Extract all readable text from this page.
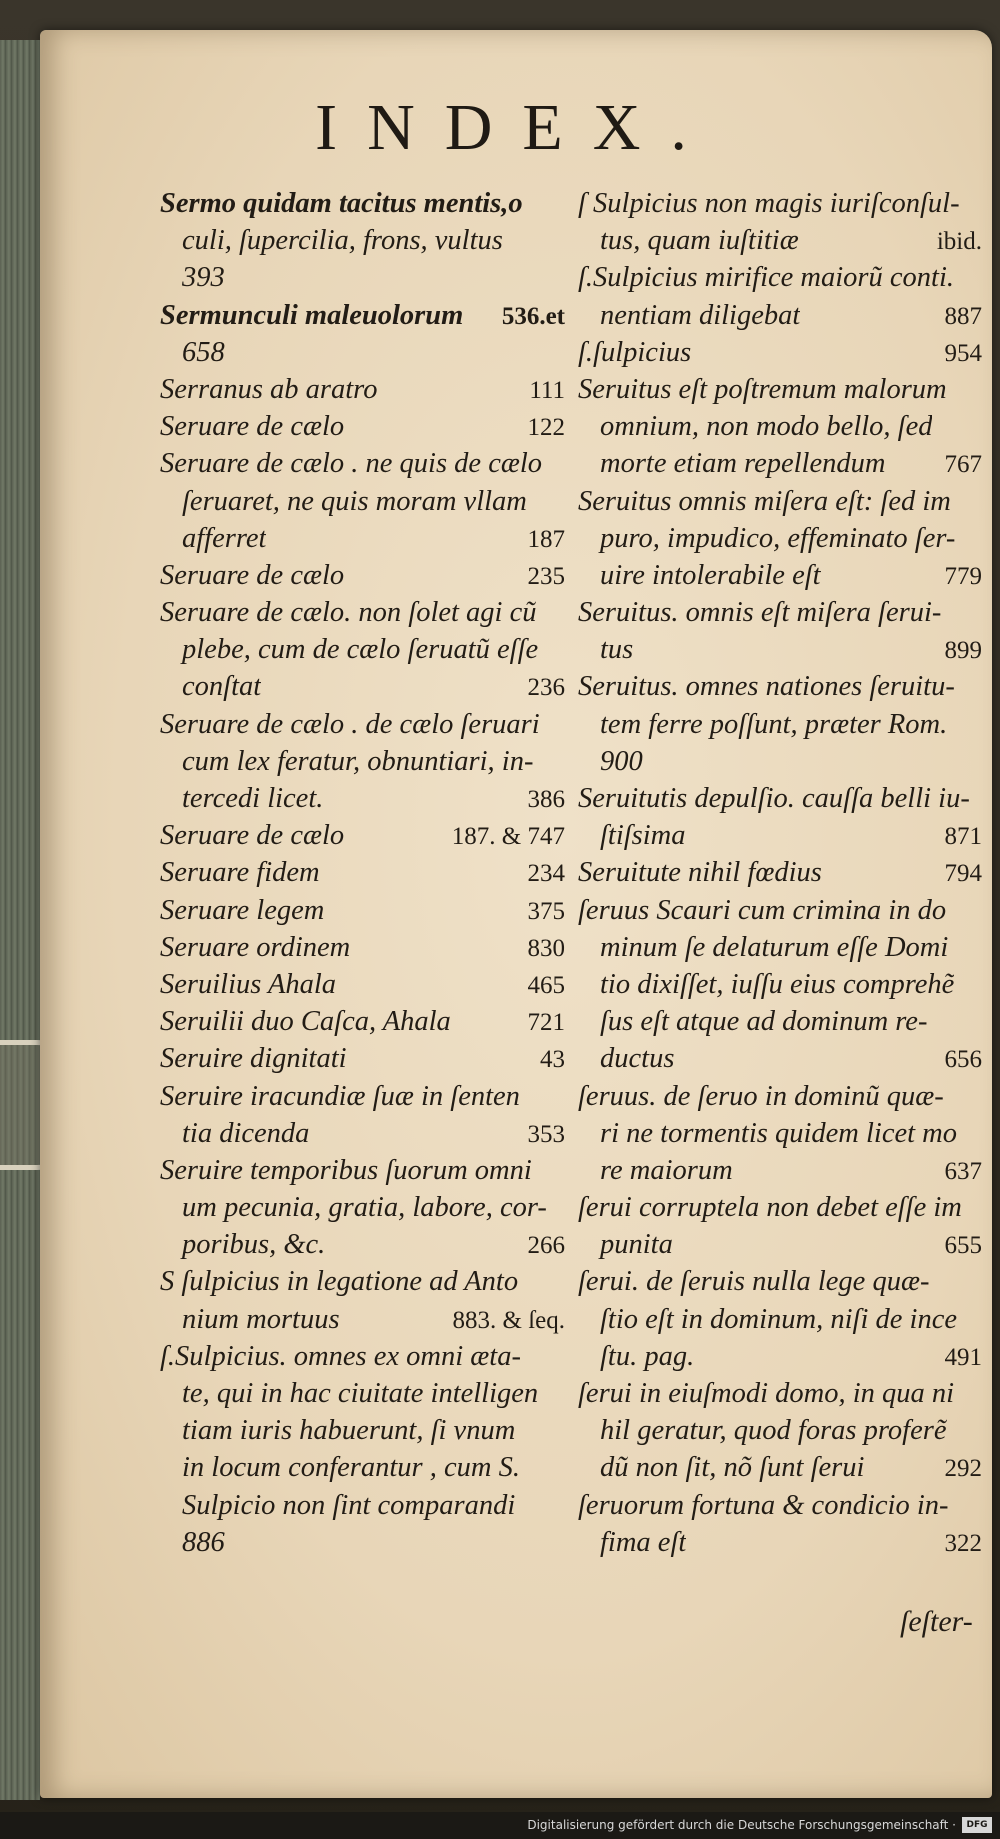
INDEX.
Sermo quidam tacitus mentis,o
culi, ſupercilia, frons, vultus
393
Sermunculi maleuolorum 536.et
658
Serranus ab aratro	111
Seruare de cælo	122
Seruare de cælo . ne quis de cælo
ſeruaret, ne quis moram vllam
afferret	187
Seruare de cælo	235
Seruare de cælo. non ſolet agi cũ
plebe, cum de cælo ſeruatũ eſſe
conſtat	236
Seruare de cælo . de cælo ſeruari
cum lex feratur, obnuntiari, in-
tercedi licet.	386
Seruare de cælo	187. & 747
Seruare fidem	234
Seruare legem	375
Seruare ordinem	830
Seruilius Ahala	465
Seruilii duo Caſca, Ahala	721
Seruire dignitati	43
Seruire iracundiæ ſuæ in ſenten
tia dicenda	353
Seruire temporibus ſuorum omni
um pecunia, gratia, labore, cor-
poribus, &c.	266
S ſulpicius in legatione ad Anto
nium mortuus	883. & ſeq.
ſ.Sulpicius. omnes ex omni æta-
te, qui in hac ciuitate intelligen
tiam iuris habuerunt, ſi vnum
in locum conferantur , cum S.
Sulpicio non ſint comparandi
886
ſ Sulpicius non magis iuriſconſul-
tus, quam iuſtitiæ	ibid.
ſ.Sulpicius mirifice maiorũ conti.
nentiam diligebat	887
ſ.ſulpicius	954
Seruitus eſt poſtremum malorum
omnium, non modo bello, ſed
morte etiam repellendum 767
Seruitus omnis miſera eſt: ſed im
puro, impudico, effeminato ſer-
uire intolerabile eſt	779
Seruitus. omnis eſt miſera ſerui-
tus	899
Seruitus. omnes nationes ſeruitu-
tem ferre poſſunt, præter Rom.
900
Seruitutis depulſio. cauſſa belli iu-
ſtiſsima	871
Seruitute nihil fœdius	794
ſeruus Scauri cum crimina in do
minum ſe delaturum eſſe Domi
tio dixiſſet, iuſſu eius comprehẽ
ſus eſt atque ad dominum re-
ductus	656
ſeruus. de ſeruo in dominũ quæ-
ri ne tormentis quidem licet mo
re maiorum	637
ſerui corruptela non debet eſſe im
punita	655
ſerui. de ſeruis nulla lege quæ-
ſtio eſt in dominum, niſi de ince
ſtu. pag.	491
ſerui in eiuſmodi domo, in qua ni
hil geratur, quod foras proferẽ
dũ non ſit, nõ ſunt ſerui	292
ſeruorum fortuna & condicio in-
fima eſt	322
ſeſter-
Digitalisierung gefördert durch die Deutsche Forschungsgemeinschaft ·	DFG
